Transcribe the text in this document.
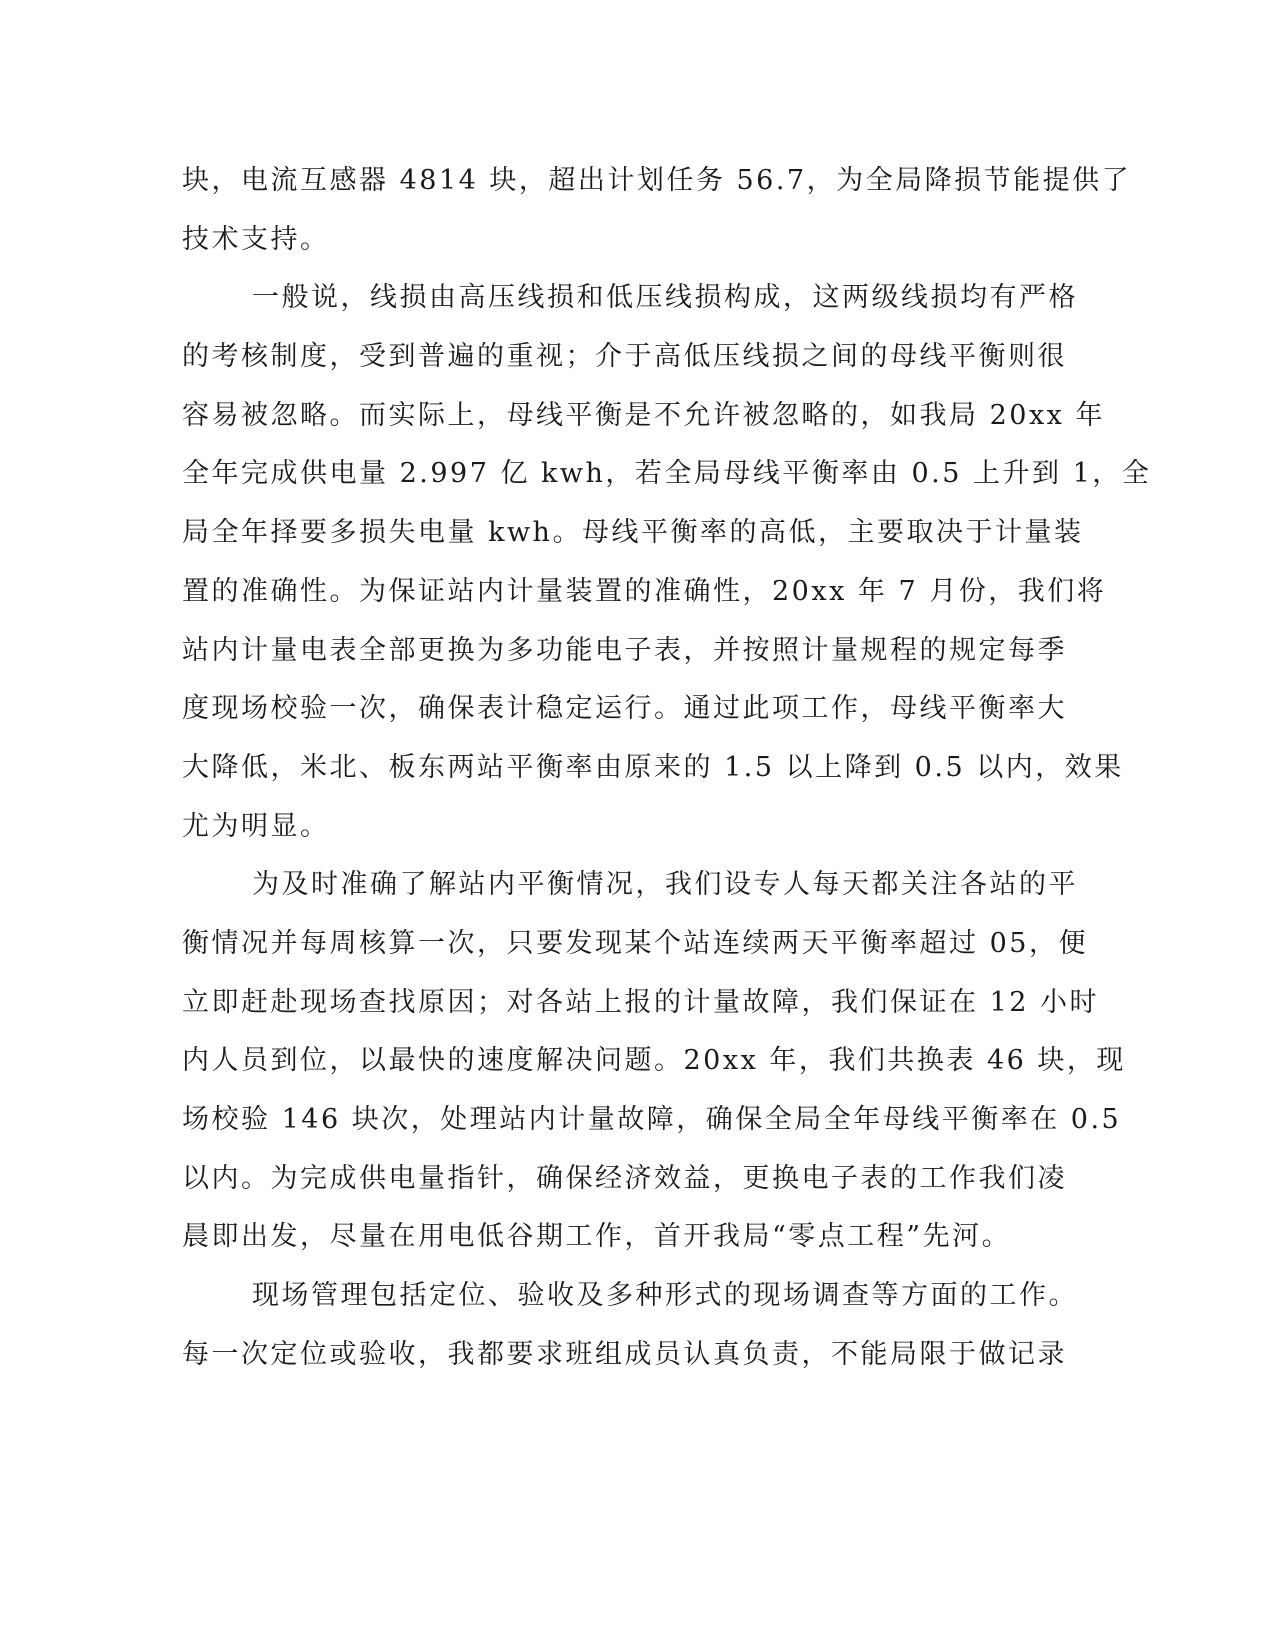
块，电流互感器 4814 块，超出计划任务 56.7，为全局降损节能提供了
技术支持。
一般说，线损由高压线损和低压线损构成，这两级线损均有严格
的考核制度，受到普遍的重视；介于高低压线损之间的母线平衡则很
容易被忽略。而实际上，母线平衡是不允许被忽略的，如我局 20xx 年
全年完成供电量 2.997 亿 kwh，若全局母线平衡率由 0.5 上升到 1，全
局全年择要多损失电量 kwh。母线平衡率的高低，主要取决于计量装
置的准确性。为保证站内计量装置的准确性，20xx 年 7 月份，我们将
站内计量电表全部更换为多功能电子表，并按照计量规程的规定每季
度现场校验一次，确保表计稳定运行。通过此项工作，母线平衡率大
大降低，米北、板东两站平衡率由原来的 1.5 以上降到 0.5 以内，效果
尤为明显。
为及时准确了解站内平衡情况，我们设专人每天都关注各站的平
衡情况并每周核算一次，只要发现某个站连续两天平衡率超过 05，便
立即赶赴现场查找原因；对各站上报的计量故障，我们保证在 12 小时
内人员到位，以最快的速度解决问题。20xx 年，我们共换表 46 块，现
场校验 146 块次，处理站内计量故障，确保全局全年母线平衡率在 0.5
以内。为完成供电量指针，确保经济效益，更换电子表的工作我们凌
晨即出发，尽量在用电低谷期工作，首开我局“零点工程”先河。
现场管理包括定位、验收及多种形式的现场调查等方面的工作。
每一次定位或验收，我都要求班组成员认真负责，不能局限于做记录
